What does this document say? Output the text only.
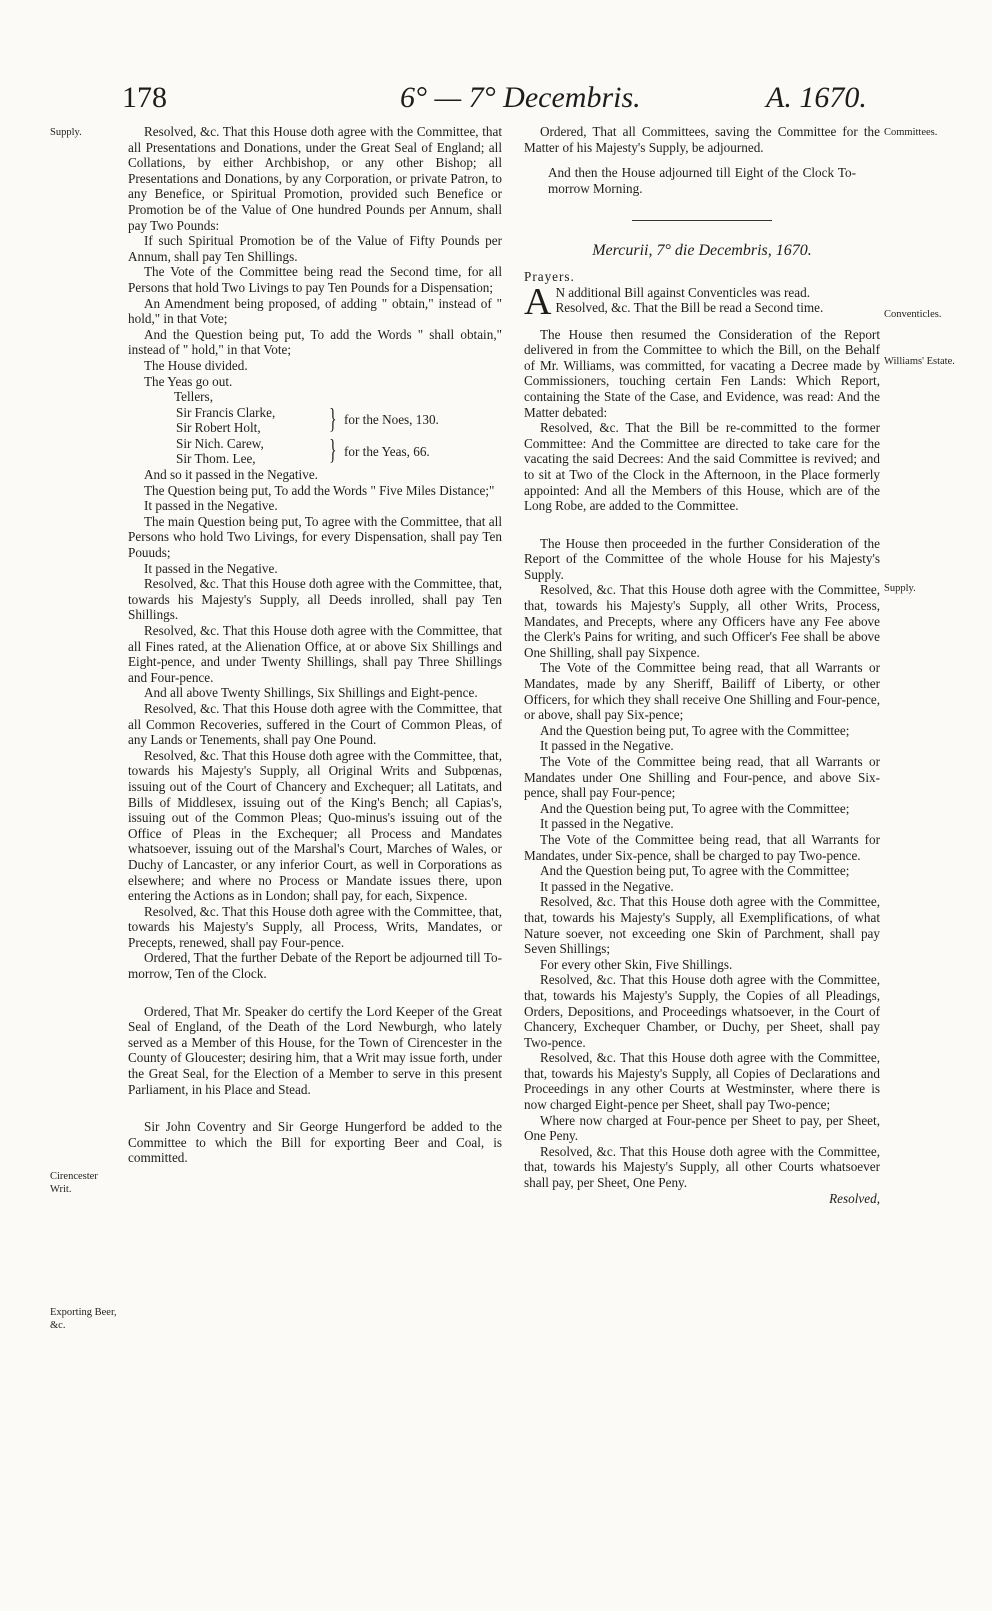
178	6° — 7° Decembris.	A. 1670.
Supply.
Cirencester Writ.
Exporting Beer, &c.
Committees.
Conventicles.
Williams' Estate.
Supply.

Resolved, &c. That this House doth agree with the Committee, that all Presentations and Donations, under the Great Seal of England; all Collations, by either Archbishop, or any other Bishop; all Presentations and Donations, by any Corporation, or private Patron, to any Benefice, or Spiritual Promotion, provided such Benefice or Promotion be of the Value of One hundred Pounds per Annum, shall pay Two Pounds:

If such Spiritual Promotion be of the Value of Fifty Pounds per Annum, shall pay Ten Shillings.

The Vote of the Committee being read the Second time, for all Persons that hold Two Livings to pay Ten Pounds for a Dispensation;

An Amendment being proposed, of adding " obtain," instead of " hold," in that Vote;

And the Question being put, To add the Words " shall obtain," instead of " hold," in that Vote;

The House divided.

The Yeas go out.

Tellers,

Sir Francis Clarke,
Sir Robert Holt,	} for the Noes, 130.
Sir Nich. Carew,
Sir Thom. Lee,	} for the Yeas, 66.

And so it passed in the Negative.

The Question being put, To add the Words " Five Miles Distance;"

It passed in the Negative.

The main Question being put, To agree with the Committee, that all Persons who hold Two Livings, for every Dispensation, shall pay Ten Pouuds;

It passed in the Negative.

Resolved, &c. That this House doth agree with the Committee, that, towards his Majesty's Supply, all Deeds inrolled, shall pay Ten Shillings.

Resolved, &c. That this House doth agree with the Committee, that all Fines rated, at the Alienation Office, at or above Six Shillings and Eight-pence, and under Twenty Shillings, shall pay Three Shillings and Four-pence.

And all above Twenty Shillings, Six Shillings and Eight-pence.

Resolved, &c. That this House doth agree with the Committee, that all Common Recoveries, suffered in the Court of Common Pleas, of any Lands or Tenements, shall pay One Pound.

Resolved, &c. That this House doth agree with the Committee, that, towards his Majesty's Supply, all Original Writs and Subpœnas, issuing out of the Court of Chancery and Exchequer; all Latitats, and Bills of Middlesex, issuing out of the King's Bench; all Capias's, issuing out of the Common Pleas; Quo-minus's issuing out of the Office of Pleas in the Exchequer; all Process and Mandates whatsoever, issuing out of the Marshal's Court, Marches of Wales, or Duchy of Lancaster, or any inferior Court, as well in Corporations as elsewhere; and where no Process or Mandate issues there, upon entering the Actions as in London; shall pay, for each, Sixpence.

Resolved, &c. That this House doth agree with the Committee, that, towards his Majesty's Supply, all Process, Writs, Mandates, or Precepts, renewed, shall pay Four-pence.

Ordered, That the further Debate of the Report be adjourned till To-morrow, Ten of the Clock.

Ordered, That Mr. Speaker do certify the Lord Keeper of the Great Seal of England, of the Death of the Lord Newburgh, who lately served as a Member of this House, for the Town of Cirencester in the County of Gloucester; desiring him, that a Writ may issue forth, under the Great Seal, for the Election of a Member to serve in this present Parliament, in his Place and Stead.

Sir John Coventry and Sir George Hungerford be added to the Committee to which the Bill for exporting Beer and Coal, is committed.

Ordered, That all Committees, saving the Committee for the Matter of his Majesty's Supply, be adjourned.

And then the House adjourned till Eight of the Clock To-morrow Morning.

Mercurii, 7° die Decembris, 1670.

Prayers.

A N additional Bill against Conventicles was read.

Resolved, &c. That the Bill be read a Second time.

The House then resumed the Consideration of the Report delivered in from the Committee to which the Bill, on the Behalf of Mr. Williams, was committed, for vacating a Decree made by Commissioners, touching certain Fen Lands: Which Report, containing the State of the Case, and Evidence, was read: And the Matter debated:

Resolved, &c. That the Bill be re-committed to the former Committee: And the Committee are directed to take care for the vacating the said Decrees: And the said Committee is revived; and to sit at Two of the Clock in the Afternoon, in the Place formerly appointed: And all the Members of this House, which are of the Long Robe, are added to the Committee.

The House then proceeded in the further Consideration of the Report of the Committee of the whole House for his Majesty's Supply.

Resolved, &c. That this House doth agree with the Committee, that, towards his Majesty's Supply, all other Writs, Process, Mandates, and Precepts, where any Officers have any Fee above the Clerk's Pains for writing, and such Officer's Fee shall be above One Shilling, shall pay Sixpence.

The Vote of the Committee being read, that all Warrants or Mandates, made by any Sheriff, Bailiff of Liberty, or other Officers, for which they shall receive One Shilling and Four-pence, or above, shall pay Six-pence;

And the Question being put, To agree with the Committee;

It passed in the Negative.

The Vote of the Committee being read, that all Warrants or Mandates under One Shilling and Four-pence, and above Six-pence, shall pay Four-pence;

And the Question being put, To agree with the Committee;

It passed in the Negative.

The Vote of the Committee being read, that all Warrants for Mandates, under Six-pence, shall be charged to pay Two-pence.

And the Question being put, To agree with the Committee;

It passed in the Negative.

Resolved, &c. That this House doth agree with the Committee, that, towards his Majesty's Supply, all Exemplifications, of what Nature soever, not exceeding one Skin of Parchment, shall pay Seven Shillings;

For every other Skin, Five Shillings.

Resolved, &c. That this House doth agree with the Committee, that, towards his Majesty's Supply, the Copies of all Pleadings, Orders, Depositions, and Proceedings whatsoever, in the Court of Chancery, Exchequer Chamber, or Duchy, per Sheet, shall pay Two-pence.

Resolved, &c. That this House doth agree with the Committee, that, towards his Majesty's Supply, all Copies of Declarations and Proceedings in any other Courts at Westminster, where there is now charged Eight-pence per Sheet, shall pay Two-pence;

Where now charged at Four-pence per Sheet to pay, per Sheet, One Peny.

Resolved, &c. That this House doth agree with the Committee, that, towards his Majesty's Supply, all other Courts whatsoever shall pay, per Sheet, One Peny.

Resolved,
